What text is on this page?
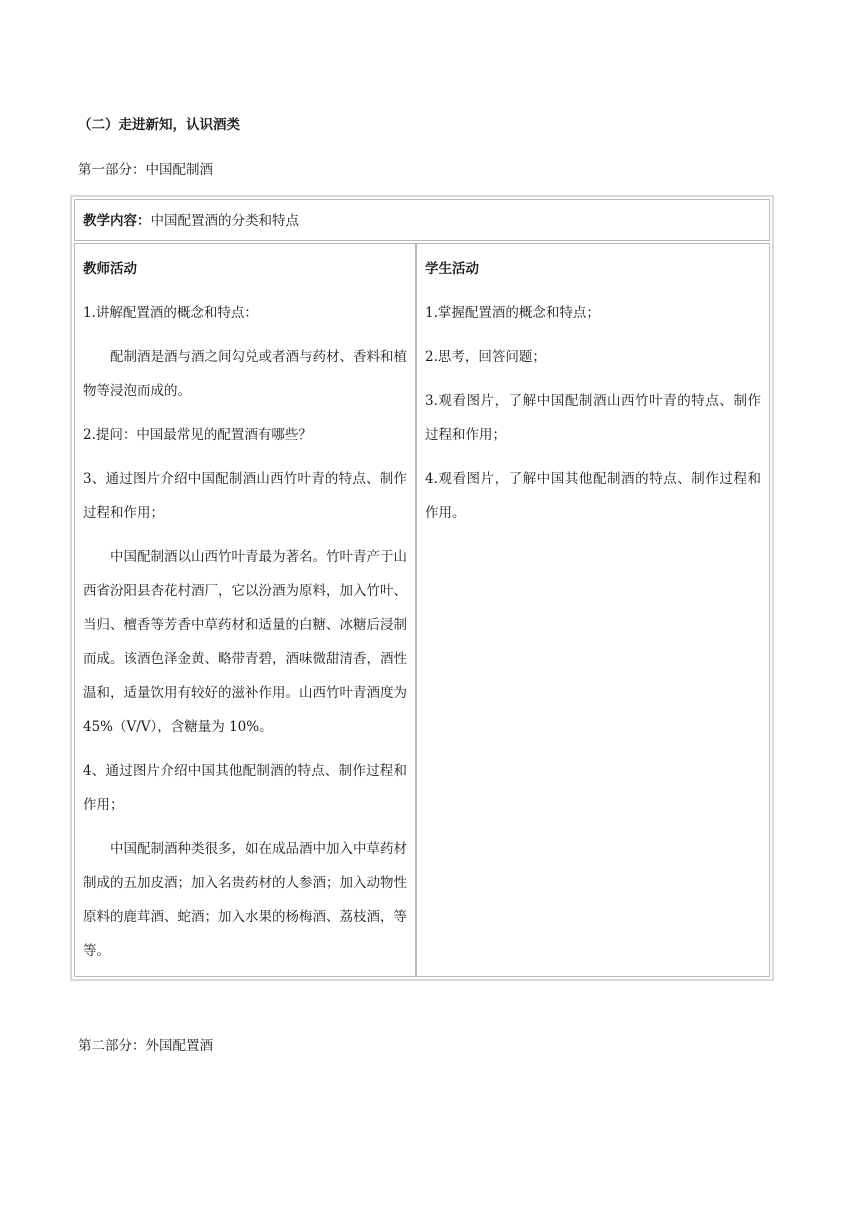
（二）走进新知，认识酒类
第一部分：中国配制酒
教学内容：中国配置酒的分类和特点
教师活动

1.讲解配置酒的概念和特点：

配制酒是酒与酒之间勾兑或者酒与药材、香料和植物等浸泡而成的。

2.提问：中国最常见的配置酒有哪些？

3、通过图片介绍中国配制酒山西竹叶青的特点、制作过程和作用；

中国配制酒以山西竹叶青最为著名。竹叶青产于山西省汾阳县杏花村酒厂，它以汾酒为原料，加入竹叶、当归、檀香等芳香中草药材和适量的白糖、冰糖后浸制而成。该酒色泽金黄、略带青碧，酒味微甜清香，酒性温和，适量饮用有较好的滋补作用。山西竹叶青酒度为 45%（V/V），含糖量为 10%。

4、通过图片介绍中国其他配制酒的特点、制作过程和作用；

中国配制酒种类很多，如在成品酒中加入中草药材制成的五加皮酒；加入名贵药材的人参酒；加入动物性原料的鹿茸酒、蛇酒；加入水果的杨梅酒、荔枝酒，等等。

学生活动

1.掌握配置酒的概念和特点；

2.思考，回答问题；

3.观看图片，了解中国配制酒山西竹叶青的特点、制作过程和作用；

4.观看图片，了解中国其他配制酒的特点、制作过程和作用。

第二部分：外国配置酒
